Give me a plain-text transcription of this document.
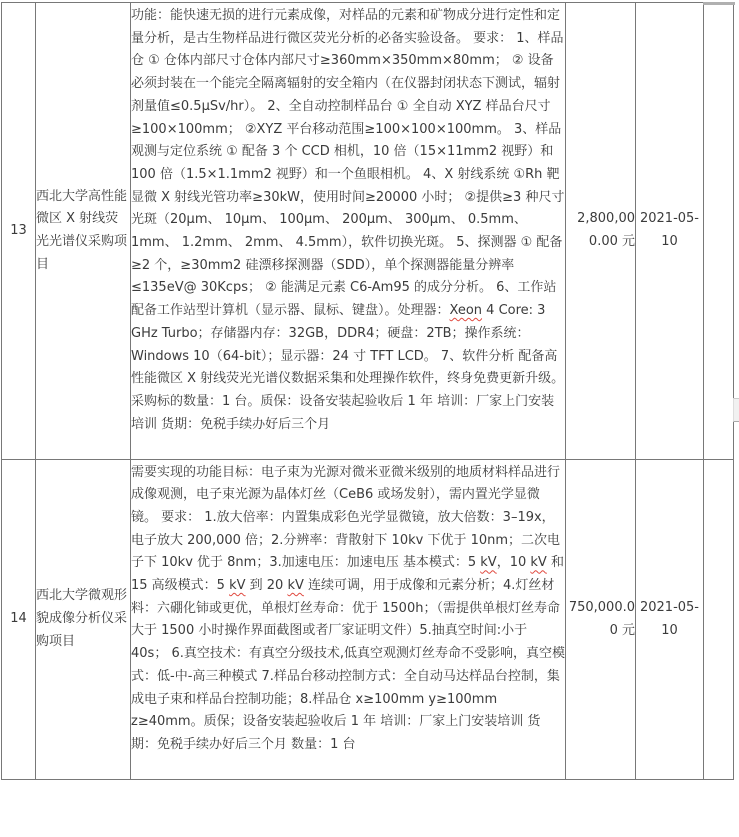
13	西北大学高性能微区 X 射线荧光光谱仪采购项目	功能：能快速无损的进行元素成像，对样品的元素和矿物成分进行定性和定量分析，是古生物样品进行微区荧光分析的必备实验设备。 要求： 1、样品仓 ① 仓体内部尺寸仓体内部尺寸≥360mm×350mm×80mm； ② 设备必须封装在一个能完全隔离辐射的安全箱内（在仪器封闭状态下测试，辐射剂量值≤0.5μSv/hr）。 2、全自动控制样品台 ① 全自动 XYZ 样品台尺寸≥100×100mm； ②XYZ 平台移动范围≥100×100×100mm。 3、样品观测与定位系统 ① 配备 3 个 CCD 相机，10 倍（15×11mm2 视野）和 100 倍（1.5×1.1mm2 视野）和一个鱼眼相机。 4、X 射线系统 ①Rh 靶显微 X 射线光管功率≥30kW，使用时间≥20000 小时； ②提供≥3 种尺寸光斑（20μm、 10μm、 100μm、 200μm、 300μm、 0.5mm、 1mm、 1.2mm、 2mm、 4.5mm），软件切换光斑。 5、探测器 ① 配备≥2 个，≥30mm2 硅漂移探测器（SDD），单个探测器能量分辨率≤135eV@ 30Kcps； ② 能满足元素 C6-Am95 的成分分析。 6、工作站 配备工作站型计算机（显示器、鼠标、键盘）。处理器：Xeon 4 Core: 3 GHz Turbo；存储器内存：32GB，DDR4；硬盘：2TB；操作系统：Windows 10（64-bit）；显示器：24 寸 TFT LCD。 7、软件分析 配备高性能微区 X 射线荧光光谱仪数据采集和处理操作软件，终身免费更新升级。 采购标的数量：1 台。质保：设备安装起验收后 1 年 培训：厂家上门安装培训 货期：免税手续办好后三个月	2,800,000.00 元	2021-05-10	
14	西北大学微观形貌成像分析仪采购项目	需要实现的功能目标：电子束为光源对微米亚微米级别的地质材料样品进行成像观测，电子束光源为晶体灯丝（CeB6 或场发射），需内置光学显微镜。 要求： 1.放大倍率：内置集成彩色光学显微镜，放大倍数：3–19x，电子放大 200,000 倍；2.分辨率：背散射下 10kv 下优于 10nm；二次电子下 10kv 优于 8nm；3.加速电压：加速电压 基本模式：5 kV，10 kV 和 15 高级模式：5 kV 到 20 kV 连续可调，用于成像和元素分析；4.灯丝材料：六硼化铈或更优，单根灯丝寿命：优于 1500h；（需提供单根灯丝寿命大于 1500 小时操作界面截图或者厂家证明文件）5.抽真空时间:小于 40s； 6.真空技术：有真空分级技术,低真空观测灯丝寿命不受影响，真空模式：低-中-高三种模式 7.样品台移动控制方式：全自动马达样品台控制，集成电子束和样品台控制功能；8.样品仓 x≥100mm y≥100mm z≥40mm。质保；设备安装起验收后 1 年 培训：厂家上门安装培训 货期：免税手续办好后三个月 数量：1 台	750,000.00 元	2021-05-10	
